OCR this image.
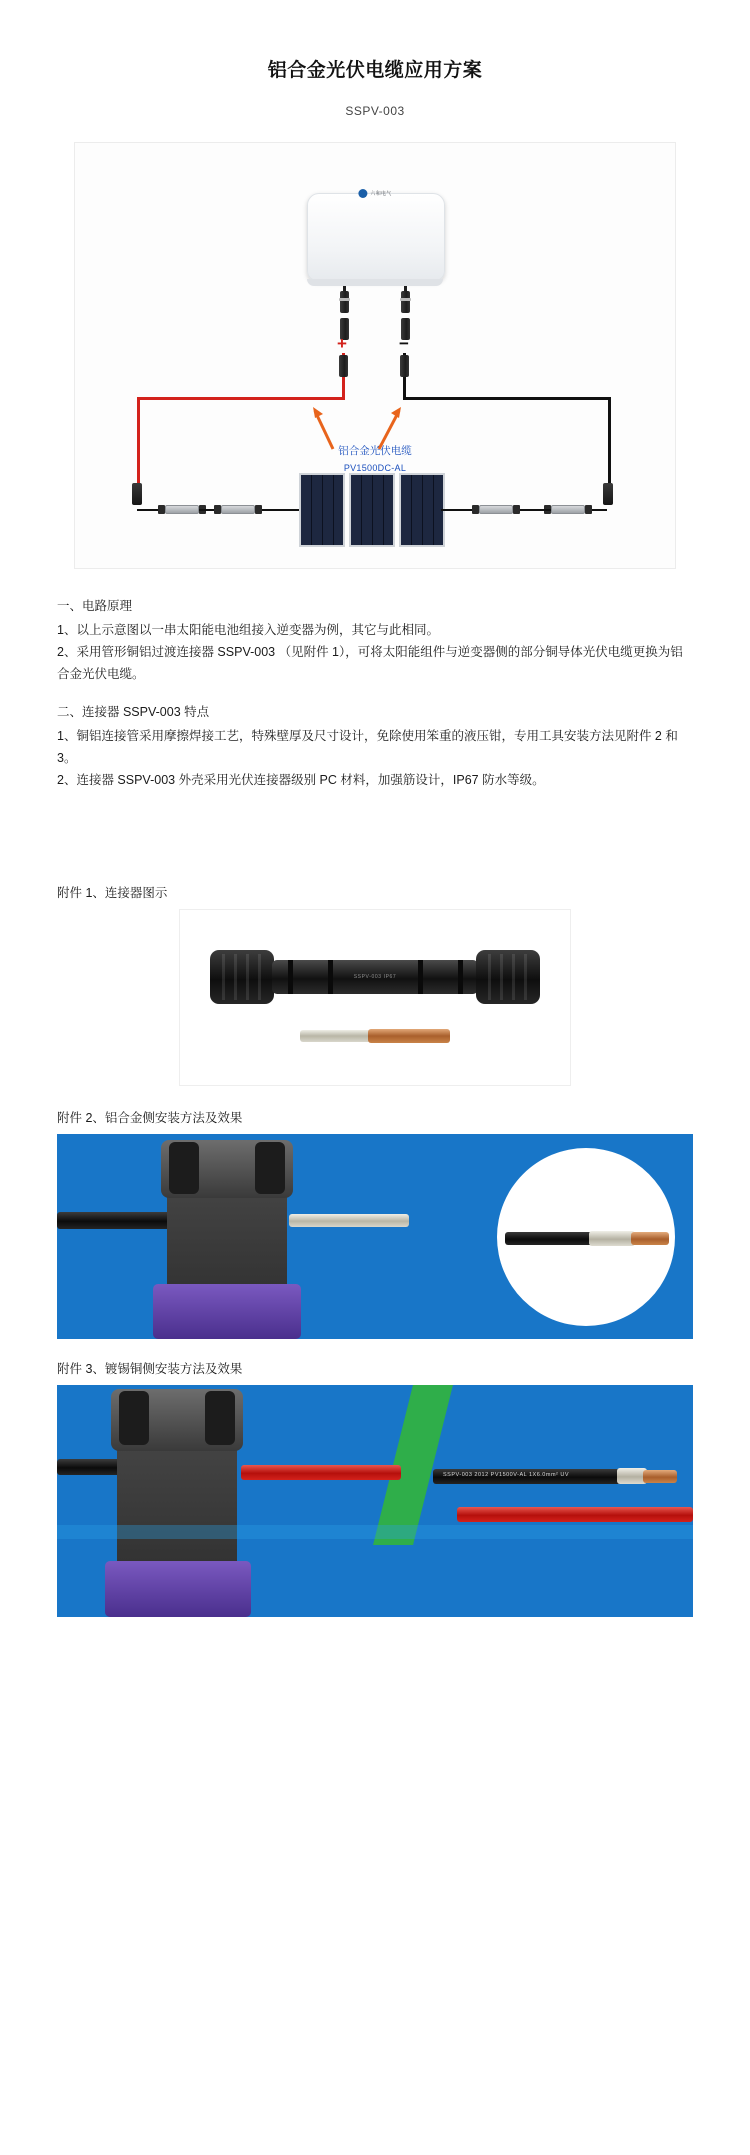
铝合金光伏电缆应用方案
SSPV-003
六和电气
+	−
铝合金光伏电缆
PV1500DC-AL

一、电路原理

1、以上示意图以一串太阳能电池组接入逆变器为例，其它与此相同。

2、采用管形铜铝过渡连接器 SSPV-003 （见附件 1），可将太阳能组件与逆变器侧的部分铜导体光伏电缆更换为铝合金光伏电缆。

二、连接器 SSPV-003 特点

1、铜铝连接管采用摩擦焊接工艺，特殊壁厚及尺寸设计，免除使用笨重的液压钳，专用工具安装方法见附件 2 和 3。

2、连接器 SSPV-003 外壳采用光伏连接器级别 PC 材料，加强筋设计，IP67 防水等级。

附件 1、连接器图示
SSPV-003 IP67
附件 2、铝合金侧安装方法及效果
附件 3、镀锡铜侧安装方法及效果
SSPV-003 2012 PV1500V-AL 1X6.0mm² UV
